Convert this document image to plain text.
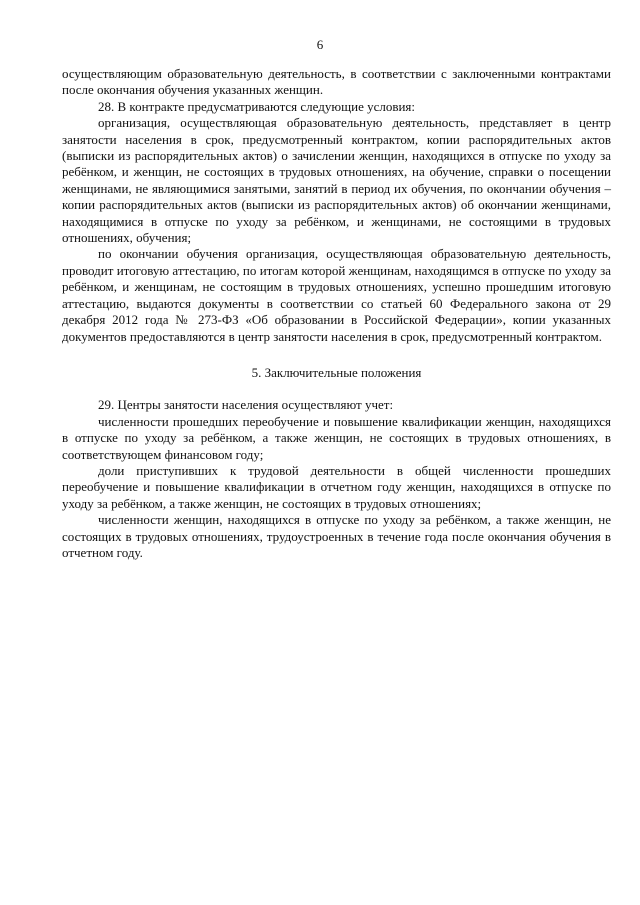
6

осуществляющим образовательную деятельность, в соответствии с заключенными контрактами после окончания обучения указанных женщин.

28. В контракте предусматриваются следующие условия:

организация, осуществляющая образовательную деятельность, представляет в центр занятости населения в срок, предусмотренный контрактом, копии распорядительных актов (выписки из распорядительных актов) о зачислении женщин, находящихся в отпуске по уходу за ребёнком, и женщин, не состоящих в трудовых отношениях, на обучение, справки о посещении женщинами, не являющимися занятыми, занятий в период их обучения, по окончании обучения – копии распорядительных актов (выписки из распорядительных актов) об окончании женщинами, находящимися в отпуске по уходу за ребёнком, и женщинами, не состоящими в трудовых отношениях, обучения;

по окончании обучения организация, осуществляющая образовательную деятельность, проводит итоговую аттестацию, по итогам которой женщинам, находящимся в отпуске по уходу за ребёнком, и женщинам, не состоящим в трудовых отношениях, успешно прошедшим итоговую аттестацию, выдаются документы в соответствии со статьей 60 Федерального закона от 29 декабря 2012 года № 273-ФЗ «Об образовании в Российской Федерации», копии указанных документов предоставляются в центр занятости населения в срок, предусмотренный контрактом.

5. Заключительные положения

29. Центры занятости населения осуществляют учет:

численности прошедших переобучение и повышение квалификации женщин, находящихся в отпуске по уходу за ребёнком, а также женщин, не состоящих в трудовых отношениях, в соответствующем финансовом году;

доли приступивших к трудовой деятельности в общей численности прошедших переобучение и повышение квалификации в отчетном году женщин, находящихся в отпуске по уходу за ребёнком, а также женщин, не состоящих в трудовых отношениях;

численности женщин, находящихся в отпуске по уходу за ребёнком, а также женщин, не состоящих в трудовых отношениях, трудоустроенных в течение года после окончания обучения в отчетном году.
